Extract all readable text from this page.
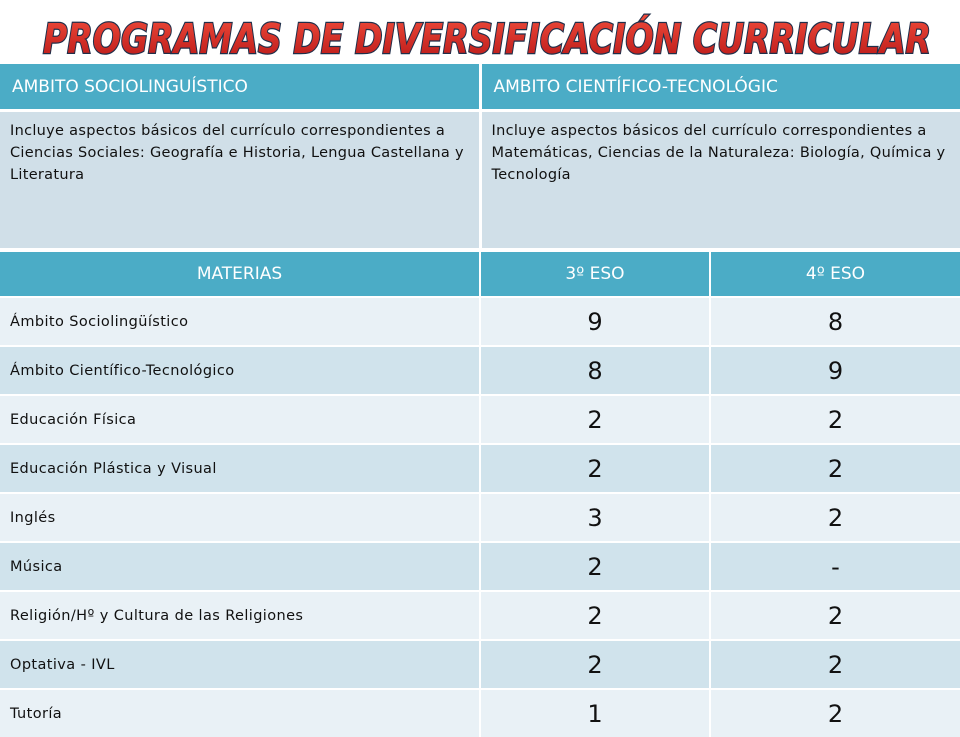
PROGRAMAS DE DIVERSIFICACIÓN CURRICULAR
AMBITO SOCIOLINGUÍSTICO	AMBITO CIENTÍFICO-TECNOLÓGIC
Incluye aspectos básicos del currículo correspondientes a Ciencias Sociales: Geografía e Historia, Lengua Castellana y Literatura	Incluye aspectos básicos del currículo correspondientes a Matemáticas, Ciencias de la Naturaleza: Biología, Química y Tecnología
MATERIAS	3º ESO	4º ESO
Ámbito Sociolingüístico	9	8
Ámbito Científico-Tecnológico	8	9
Educación Física	2	2
Educación Plástica y Visual	2	2
Inglés	3	2
Música	2	-
Religión/Hº y Cultura de las Religiones	2	2
Optativa - IVL	2	2
Tutoría	1	2
